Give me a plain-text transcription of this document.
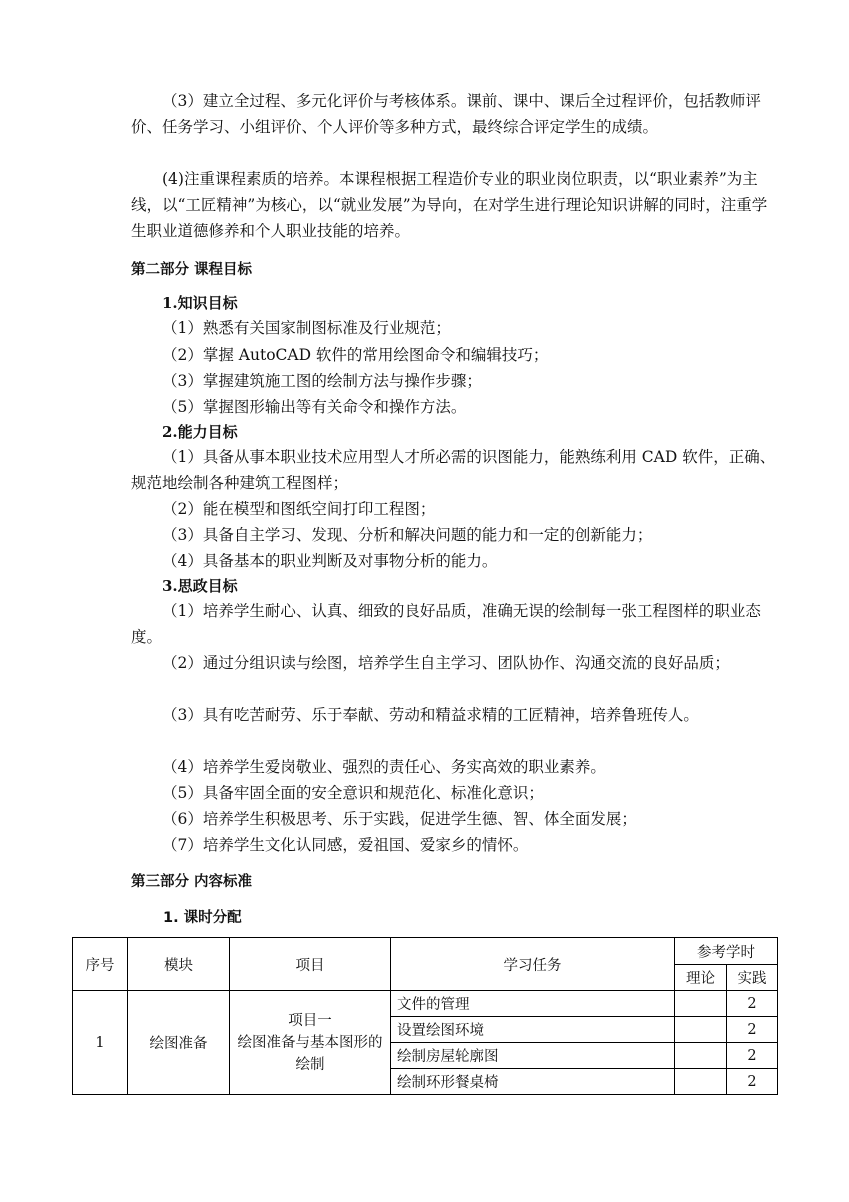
（3）建立全过程、多元化评价与考核体系。课前、课中、课后全过程评价，包括教师评价、任务学习、小组评价、个人评价等多种方式，最终综合评定学生的成绩。

(4)注重课程素质的培养。本课程根据工程造价专业的职业岗位职责，以“职业素养”为主线，以“工匠精神”为核心，以“就业发展”为导向，在对学生进行理论知识讲解的同时，注重学生职业道德修养和个人职业技能的培养。

第二部分 课程目标
1.知识目标

（1）熟悉有关国家制图标准及行业规范；

（2）掌握 AutoCAD 软件的常用绘图命令和编辑技巧；

（3）掌握建筑施工图的绘制方法与操作步骤；

（5）掌握图形输出等有关命令和操作方法。

2.能力目标

（1）具备从事本职业技术应用型人才所必需的识图能力，能熟练利用 CAD 软件，正确、规范地绘制各种建筑工程图样；

（2）能在模型和图纸空间打印工程图；

（3）具备自主学习、发现、分析和解决问题的能力和一定的创新能力；

（4）具备基本的职业判断及对事物分析的能力。

3.思政目标

（1）培养学生耐心、认真、细致的良好品质，准确无误的绘制每一张工程图样的职业态度。

（2）通过分组识读与绘图，培养学生自主学习、团队协作、沟通交流的良好品质；

（3）具有吃苦耐劳、乐于奉献、劳动和精益求精的工匠精神，培养鲁班传人。

（4）培养学生爱岗敬业、强烈的责任心、务实高效的职业素养。

（5）具备牢固全面的安全意识和规范化、标准化意识；

（6）培养学生积极思考、乐于实践，促进学生德、智、体全面发展；

（7）培养学生文化认同感，爱祖国、爱家乡的情怀。

第三部分 内容标准
1. 课时分配
序号	模块	项目	学习任务	参考学时	
				理论	实践
1	绘图准备	项目一
绘图准备与基本图形的绘制	文件的管理		2
			设置绘图环境		2
			绘制房屋轮廓图		2
			绘制环形餐桌椅		2
